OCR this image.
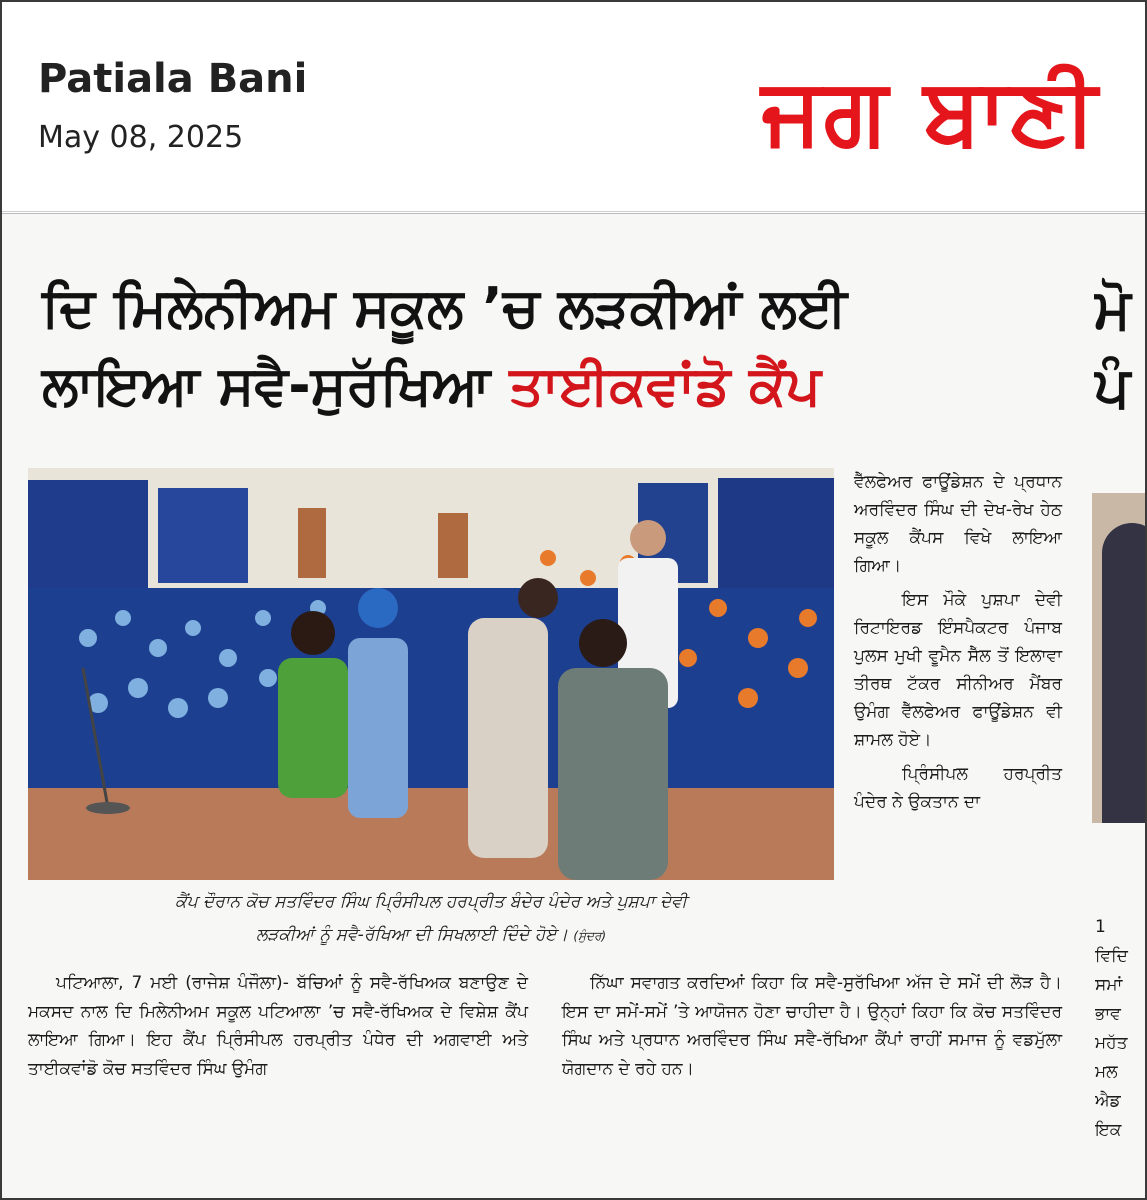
Patiala Bani
May 08, 2025	ਜਗ ਬਾਣੀ
ਦਿ ਮਿਲੇਨੀਅਮ ਸਕੂਲ ’ਚ ਲੜਕੀਆਂ ਲਈ
ਲਾਇਆ ਸਵੈ-ਸੁਰੱਖਿਆ ਤਾਈਕਵਾਂਡੋ ਕੈਂਪ
ਮੋ
ਪੰ
ਕੈਂਪ ਦੌਰਾਨ ਕੋਚ ਸਤਵਿੰਦਰ ਸਿੰਘ ਪ੍ਰਿੰਸੀਪਲ ਹਰਪ੍ਰੀਤ ਬੰਦੇਰ ਪੰਦੇਰ ਅਤੇ ਪੁਸ਼ਪਾ ਦੇਵੀ
ਲੜਕੀਆਂ ਨੂੰ ਸਵੈ-ਰੱਖਿਆ ਦੀ ਸਿਖਲਾਈ ਦਿੰਦੇ ਹੋਏ। (ਸੁੰਦਰ)

ਵੈੱਲਫੇਅਰ ਫਾਊਂਡੇਸ਼ਨ ਦੇ ਪ੍ਰਧਾਨ ਅਰਵਿੰਦਰ ਸਿੰਘ ਦੀ ਦੇਖ-ਰੇਖ ਹੇਠ ਸਕੂਲ ਕੈਂਪਸ ਵਿਖੇ ਲਾਇਆ ਗਿਆ।

ਇਸ ਮੌਕੇ ਪੁਸ਼ਪਾ ਦੇਵੀ ਰਿਟਾਇਰਡ ਇੰਸਪੈਕਟਰ ਪੰਜਾਬ ਪੁਲਸ ਮੁਖੀ ਵੂਮੈਨ ਸੈੱਲ ਤੋਂ ਇਲਾਵਾ ਤੀਰਥ ਟੱਕਰ ਸੀਨੀਅਰ ਮੈਂਬਰ ਉਮੰਗ ਵੈੱਲਫੇਅਰ ਫਾਊਂਡੇਸ਼ਨ ਵੀ ਸ਼ਾਮਲ ਹੋਏ।

ਪ੍ਰਿੰਸੀਪਲ ਹਰਪ੍ਰੀਤ ਪੰਦੇਰ ਨੇ ਉਕਤਾਨ ਦਾ

ਪਟਿਆਲਾ, 7 ਮਈ (ਰਾਜੇਸ਼ ਪੰਜੌਲਾ)- ਬੱਚਿਆਂ ਨੂੰ ਸਵੈ-ਰੱਖਿਅਕ ਬਣਾਉਣ ਦੇ ਮਕਸਦ ਨਾਲ ਦਿ ਮਿਲੇਨੀਅਮ ਸਕੂਲ ਪਟਿਆਲਾ ’ਚ ਸਵੈ-ਰੱਖਿਅਕ ਦੇ ਵਿਸ਼ੇਸ਼ ਕੈਂਪ ਲਾਇਆ ਗਿਆ। ਇਹ ਕੈਂਪ ਪ੍ਰਿੰਸੀਪਲ ਹਰਪ੍ਰੀਤ ਪੰਧੇਰ ਦੀ ਅਗਵਾਈ ਅਤੇ ਤਾਈਕਵਾਂਡੋ ਕੋਚ ਸਤਵਿੰਦਰ ਸਿੰਘ ਉਮੰਗ

ਨਿੱਘਾ ਸਵਾਗਤ ਕਰਦਿਆਂ ਕਿਹਾ ਕਿ ਸਵੈ-ਸੁਰੱਖਿਆ ਅੱਜ ਦੇ ਸਮੇਂ ਦੀ ਲੋੜ ਹੈ। ਇਸ ਦਾ ਸਮੇਂ-ਸਮੇਂ ’ਤੇ ਆਯੋਜਨ ਹੋਣਾ ਚਾਹੀਦਾ ਹੈ। ਉਨ੍ਹਾਂ ਕਿਹਾ ਕਿ ਕੋਚ ਸਤਵਿੰਦਰ ਸਿੰਘ ਅਤੇ ਪ੍ਰਧਾਨ ਅਰਵਿੰਦਰ ਸਿੰਘ ਸਵੈ-ਰੱਖਿਆ ਕੈਂਪਾਂ ਰਾਹੀਂ ਸਮਾਜ ਨੂੰ ਵਡਮੁੱਲਾ ਯੋਗਦਾਨ ਦੇ ਰਹੇ ਹਨ।

1
ਵਿਦਿ
ਸਮਾਂ
ਭਾਵ
ਮਹੱਤ
ਮਲ
ਐਡ
ਇਕ
